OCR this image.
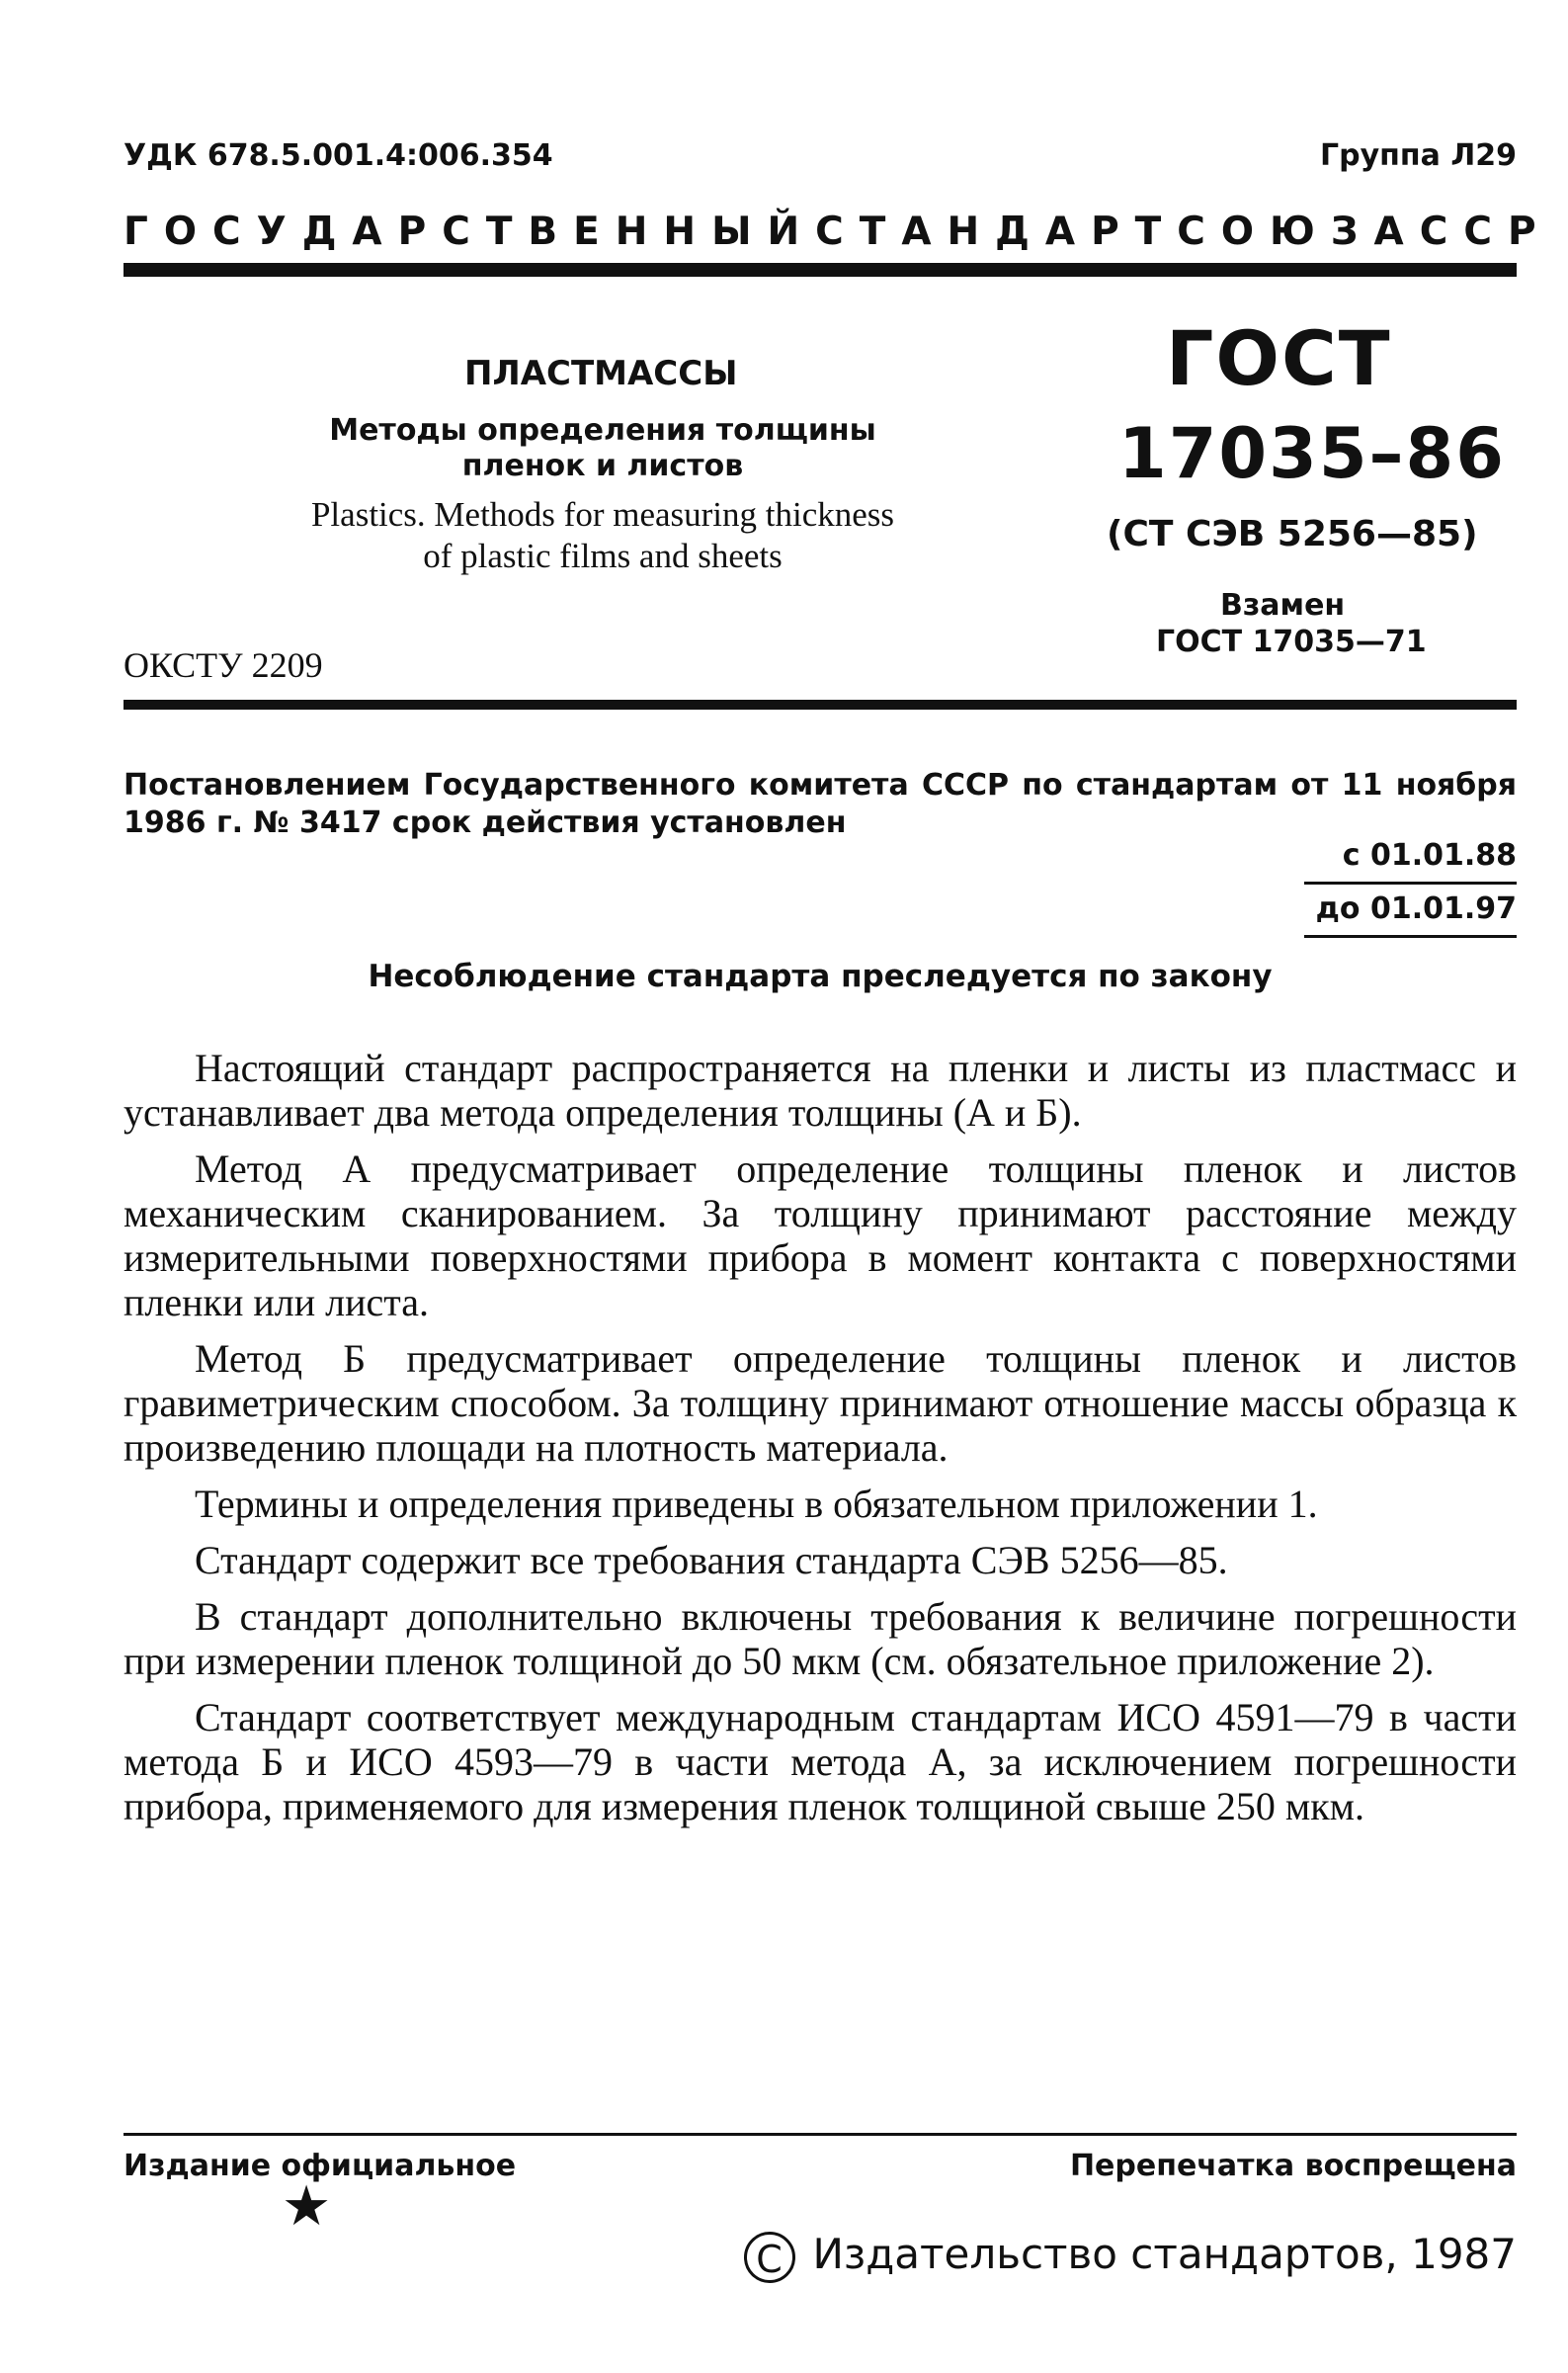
УДК 678.5.001.4:006.354	Группа Л29
ГОСУДАРСТВЕННЫЙ СТАНДАРТ СОЮЗА ССР
ПЛАСТМАССЫ
Методы определения толщины
пленок и листов
Plastics. Methods for measuring thickness
of plastic films and sheets
ОКСТУ 2209
ГОСТ
17035–86
(СТ СЭВ 5256—85)
Взамен
ГОСТ 17035—71
Постановлением Государственного комитета СССР по стандартам от 11 ноября 1986 г. № 3417 срок действия установлен
с 01.01.88
до 01.01.97
Несоблюдение стандарта преследуется по закону

Настоящий стандарт распространяется на пленки и листы из пластмасс и устанавливает два метода определения толщины (А и Б).

Метод А предусматривает определение толщины пленок и листов механическим сканированием. За толщину принимают расстояние между измерительными поверхностями прибора в момент контакта с поверхностями пленки или листа.

Метод Б предусматривает определение толщины пленок и листов гравиметрическим способом. За толщину принимают отношение массы образца к произведению площади на плотность материала.

Термины и определения приведены в обязательном приложении 1.

Стандарт содержит все требования стандарта СЭВ 5256—85.

В стандарт дополнительно включены требования к величине погрешности при измерении пленок толщиной до 50 мкм (см. обязательное приложение 2).

Стандарт соответствует международным стандартам ИСО 4591—79 в части метода Б и ИСО 4593—79 в части метода А, за исключением погрешности прибора, применяемого для измерения пленок толщиной свыше 250 мкм.

Издание официальное	Перепечатка воспрещена
★
C Издательство стандартов, 1987
